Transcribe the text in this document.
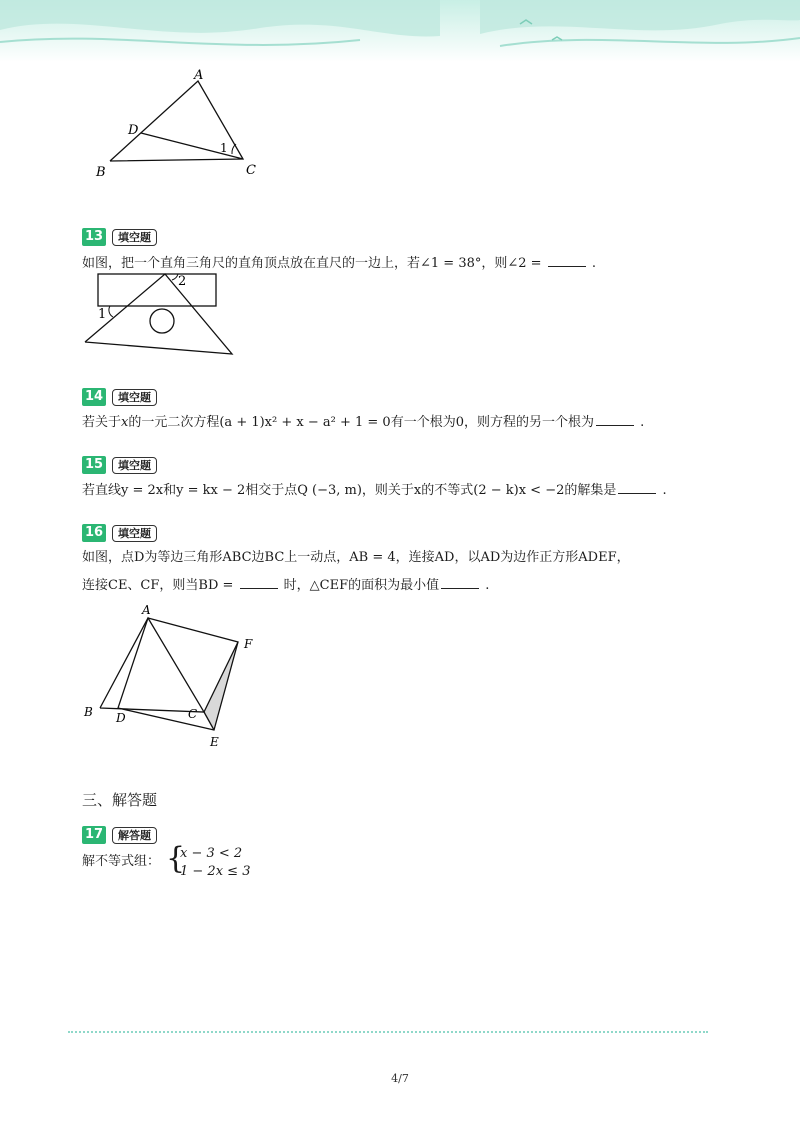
A
D
B	C
1
13	填空题
如图，把一个直角三角尺的直角顶点放在直尺的一边上，若∠1 = 38°，则∠2 =	.
2
1
14	填空题
若关于x的一元二次方程(a + 1)x² + x − a² + 1 = 0有一个根为0，则方程的另一个根为	.
15	填空题
若直线y = 2x和y = kx − 2相交于点Q (−3, m)，则关于x的不等式(2 − k)x < −2的解集是	.
16	填空题
如图，点D为等边三角形ABC边BC上一动点，AB = 4，连接AD，以AD为边作正方形ADEF，
连接CE、CF，则当BD =	时，△CEF的面积为最小值	.
A
F
B D	C
E
三、解答题
17	解答题
解不等式组： {
x − 3 < 2
1 − 2x ≤ 3
4/7
